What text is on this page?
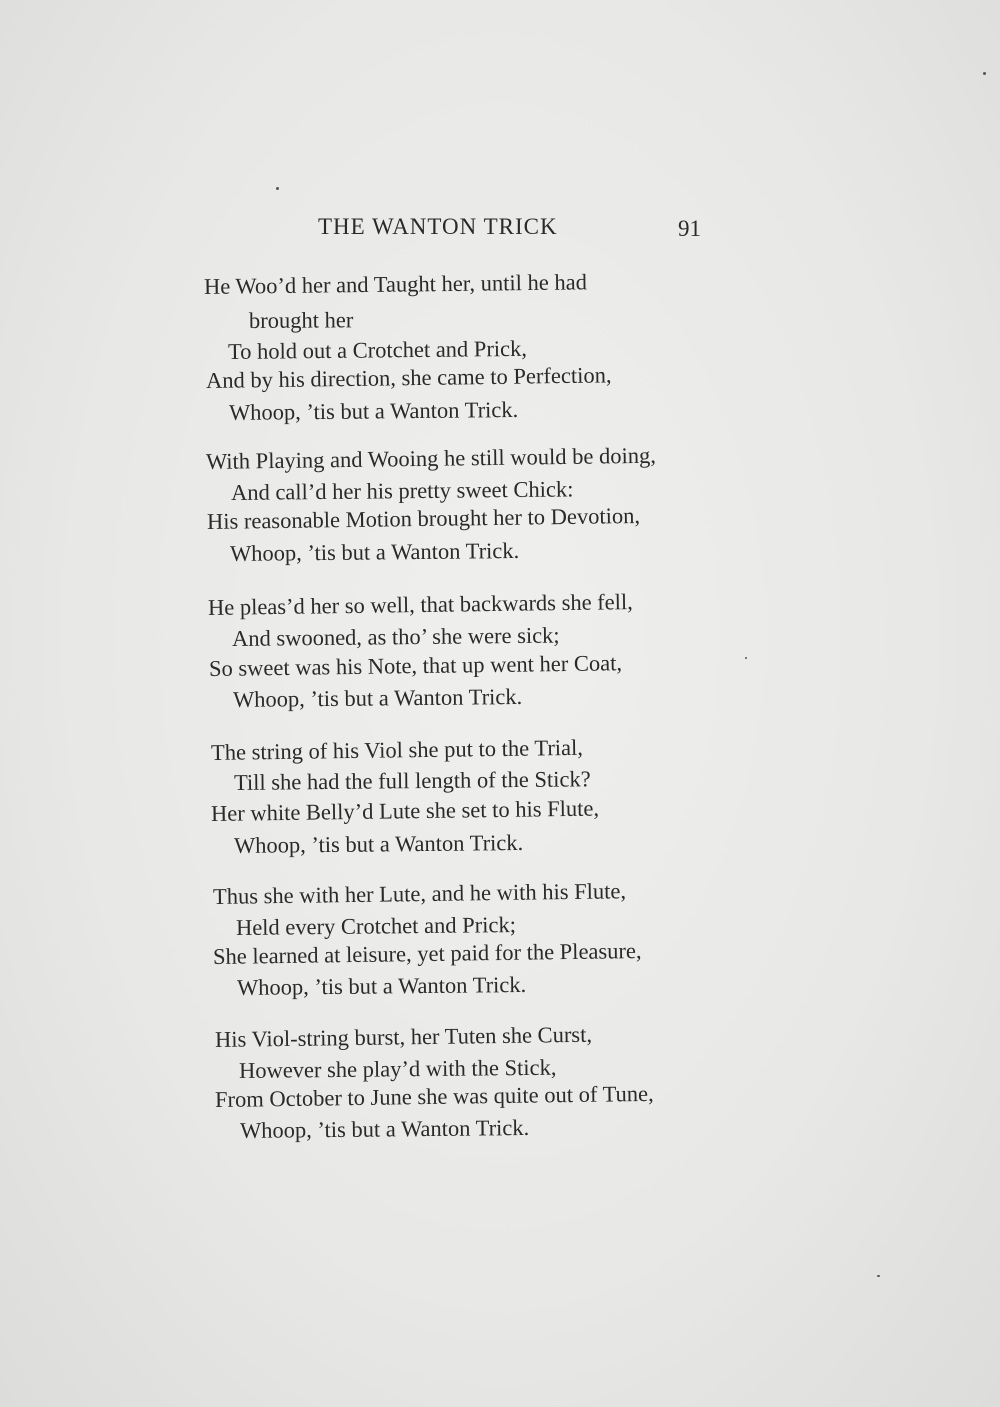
THE WANTON TRICK	91
He Woo’d her and Taught her, until he had
brought her
To hold out a Crotchet and Prick,
And by his direction, she came to Perfection,
Whoop, ’tis but a Wanton Trick.
With Playing and Wooing he still would be doing,
And call’d her his pretty sweet Chick:
His reasonable Motion brought her to Devotion,
Whoop, ’tis but a Wanton Trick.
He pleas’d her so well, that backwards she fell,
And swooned, as tho’ she were sick;
So sweet was his Note, that up went her Coat,
Whoop, ’tis but a Wanton Trick.
The string of his Viol she put to the Trial,
Till she had the full length of the Stick?
Her white Belly’d Lute she set to his Flute,
Whoop, ’tis but a Wanton Trick.
Thus she with her Lute, and he with his Flute,
Held every Crotchet and Prick;
She learned at leisure, yet paid for the Pleasure,
Whoop, ’tis but a Wanton Trick.
His Viol-string burst, her Tuten she Curst,
However she play’d with the Stick,
From October to June she was quite out of Tune,
Whoop, ’tis but a Wanton Trick.
